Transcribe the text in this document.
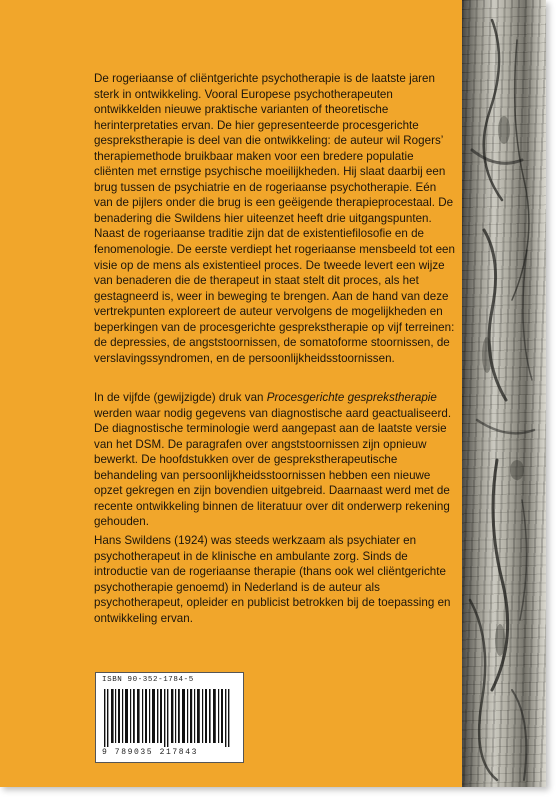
De rogeriaanse of cliëntgerichte psychotherapie is de laatste jaren sterk in ontwikkeling. Vooral Europese psychotherapeuten ontwikkelden nieuwe praktische varianten of theoretische herinterpretaties ervan. De hier gepresenteerde procesgerichte gesprekstherapie is deel van die ontwikkeling: de auteur wil Rogers’ therapiemethode bruikbaar maken voor een bredere populatie cliënten met ernstige psychische moeilijkheden. Hij slaat daarbij een brug tussen de psychiatrie en de rogeriaanse psychotherapie. Eén van de pijlers onder die brug is een geëigende therapieprocestaal. De benadering die Swildens hier uiteenzet heeft drie uitgangspunten. Naast de rogeriaanse traditie zijn dat de existentiefilosofie en de fenomenologie. De eerste verdiept het rogeriaanse mensbeeld tot een visie op de mens als existentieel proces. De tweede levert een wijze van benaderen die de therapeut in staat stelt dit proces, als het gestagneerd is, weer in beweging te brengen. Aan de hand van deze vertrekpunten exploreert de auteur vervolgens de mogelijkheden en beperkingen van de procesgerichte gesprekstherapie op vijf terreinen: de depressies, de angststoornissen, de somatoforme stoornissen, de verslavingssyndromen, en de persoonlijkheidsstoornissen.

In de vijfde (gewijzigde) druk van Procesgerichte gesprekstherapie werden waar nodig gegevens van diagnostische aard geactualiseerd. De diagnostische terminologie werd aangepast aan de laatste versie van het DSM. De paragrafen over angststoornissen zijn opnieuw bewerkt. De hoofdstukken over de gesprekstherapeutische behandeling van persoonlijkheidsstoornissen hebben een nieuwe opzet gekregen en zijn bovendien uitgebreid. Daarnaast werd met de recente ontwikkeling binnen de literatuur over dit onderwerp rekening gehouden.

Hans Swildens (1924) was steeds werkzaam als psychiater en psychotherapeut in de klinische en ambulante zorg. Sinds de introductie van de rogeriaanse therapie (thans ook wel cliëntgerichte psychotherapie genoemd) in Nederland is de auteur als psychotherapeut, opleider en publicist betrokken bij de toepassing en ontwikkeling ervan.

ISBN 90-352-1784-5
9 789035 217843
